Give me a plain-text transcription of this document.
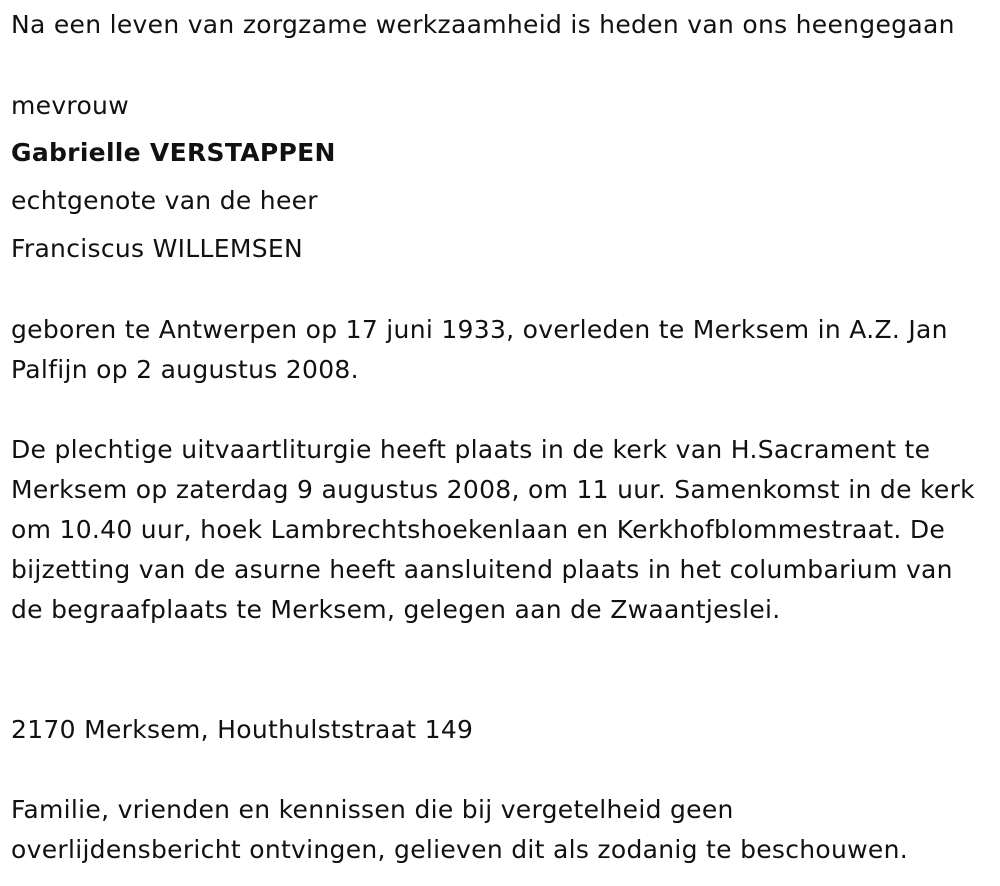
Na een leven van zorgzame werkzaamheid is heden van ons heengegaan
mevrouw
Gabrielle VERSTAPPEN
echtgenote van de heer
Franciscus WILLEMSEN
geboren te Antwerpen op 17 juni 1933, overleden te Merksem in A.Z. Jan Palfijn op 2 augustus 2008.
De plechtige uitvaartliturgie heeft plaats in de kerk van H.Sacrament te Merksem op zaterdag 9 augustus 2008, om 11 uur. Samenkomst in de kerk om 10.40 uur, hoek Lambrechtshoekenlaan en Kerkhofblommestraat. De bijzetting van de asurne heeft aansluitend plaats in het columbarium van de begraafplaats te Merksem, gelegen aan de Zwaantjeslei.
2170 Merksem, Houthulststraat 149
Familie, vrienden en kennissen die bij vergetelheid geen overlijdensbericht ontvingen, gelieven dit als zodanig te beschouwen.
